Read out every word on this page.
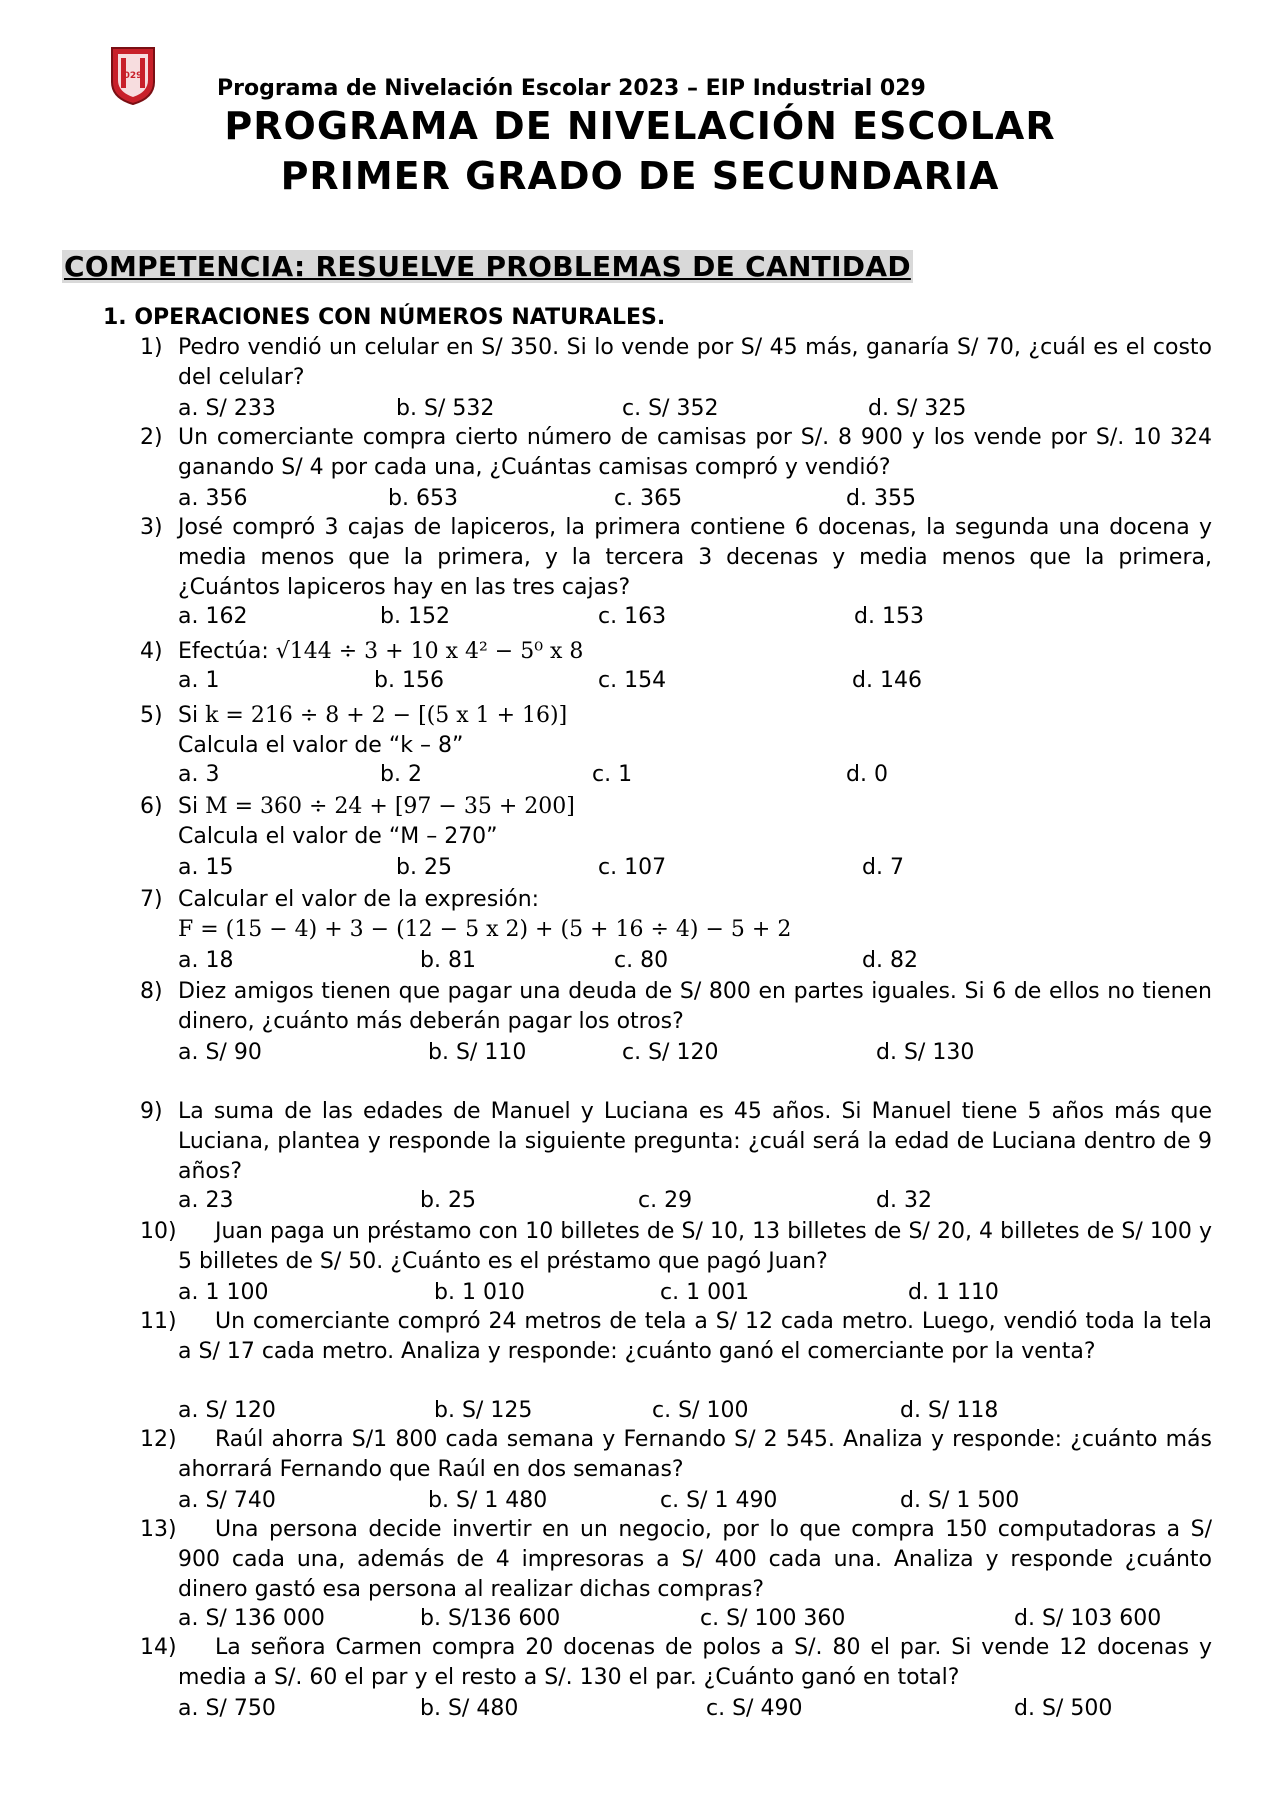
029	Programa de Nivelación Escolar 2023 – EIP Industrial 029
PROGRAMA DE NIVELACIÓN ESCOLAR
PRIMER GRADO DE SECUNDARIA
COMPETENCIA: RESUELVE PROBLEMAS DE CANTIDAD
1. OPERACIONES CON NÚMEROS NATURALES.
1) Pedro vendió un celular en S/ 350. Si lo vende por S/ 45 más, ganaría S/ 70, ¿cuál es el costo del celular?
a. S/ 233	b. S/ 532	c. S/ 352	d. S/ 325
2) Un comerciante compra cierto número de camisas por S/. 8 900 y los vende por S/. 10 324 ganando S/ 4 por cada una, ¿Cuántas camisas compró y vendió?
a. 356	b. 653	c. 365	d. 355
3) José compró 3 cajas de lapiceros, la primera contiene 6 docenas, la segunda una docena y media menos que la primera, y la tercera 3 decenas y media menos que la primera, ¿Cuántos lapiceros hay en las tres cajas?
a. 162	b. 152	c. 163	d. 153
4) Efectúa: √144 ÷ 3 + 10 x 4² − 5⁰ x 8
a. 1	b. 156	c. 154	d. 146
5) Si k = 216 ÷ 8 + 2 − [(5 x 1 + 16)]
Calcula el valor de “k – 8”
a. 3	b. 2	c. 1	d. 0
6) Si M = 360 ÷ 24 + [97 − 35 + 200]
Calcula el valor de “M – 270”
a. 15	b. 25	c. 107	d. 7
7) Calcular el valor de la expresión:
F = (15 − 4) + 3 − (12 − 5 x 2) + (5 + 16 ÷ 4) − 5 + 2
a. 18	b. 81	c. 80	d. 82
8) Diez amigos tienen que pagar una deuda de S/ 800 en partes iguales. Si 6 de ellos no tienen dinero, ¿cuánto más deberán pagar los otros?
a. S/ 90	b. S/ 110	c. S/ 120	d. S/ 130
9) La suma de las edades de Manuel y Luciana es 45 años. Si Manuel tiene 5 años más que Luciana, plantea y responde la siguiente pregunta: ¿cuál será la edad de Luciana dentro de 9 años?
a. 23	b. 25	c. 29	d. 32
10)	Juan paga un préstamo con 10 billetes de S/ 10, 13 billetes de S/ 20, 4 billetes de S/ 100 y 5 billetes de S/ 50. ¿Cuánto es el préstamo que pagó Juan?
a. 1 100	b. 1 010	c. 1 001	d. 1 110
11)	Un comerciante compró 24 metros de tela a S/ 12 cada metro. Luego, vendió toda la tela a S/ 17 cada metro. Analiza y responde: ¿cuánto ganó el comerciante por la venta?
a. S/ 120	b. S/ 125	c. S/ 100	d. S/ 118
12)	Raúl ahorra S/1 800 cada semana y Fernando S/ 2 545. Analiza y responde: ¿cuánto más ahorrará Fernando que Raúl en dos semanas?
a. S/ 740	b. S/ 1 480	c. S/ 1 490	d. S/ 1 500
13)	Una persona decide invertir en un negocio, por lo que compra 150 computadoras a S/ 900 cada una, además de 4 impresoras a S/ 400 cada una. Analiza y responde ¿cuánto dinero gastó esa persona al realizar dichas compras?
a. S/ 136 000	b. S/136 600	c. S/ 100 360	d. S/ 103 600
14)	La señora Carmen compra 20 docenas de polos a S/. 80 el par. Si vende 12 docenas y media a S/. 60 el par y el resto a S/. 130 el par. ¿Cuánto ganó en total?
a. S/ 750	b. S/ 480	c. S/ 490	d. S/ 500
